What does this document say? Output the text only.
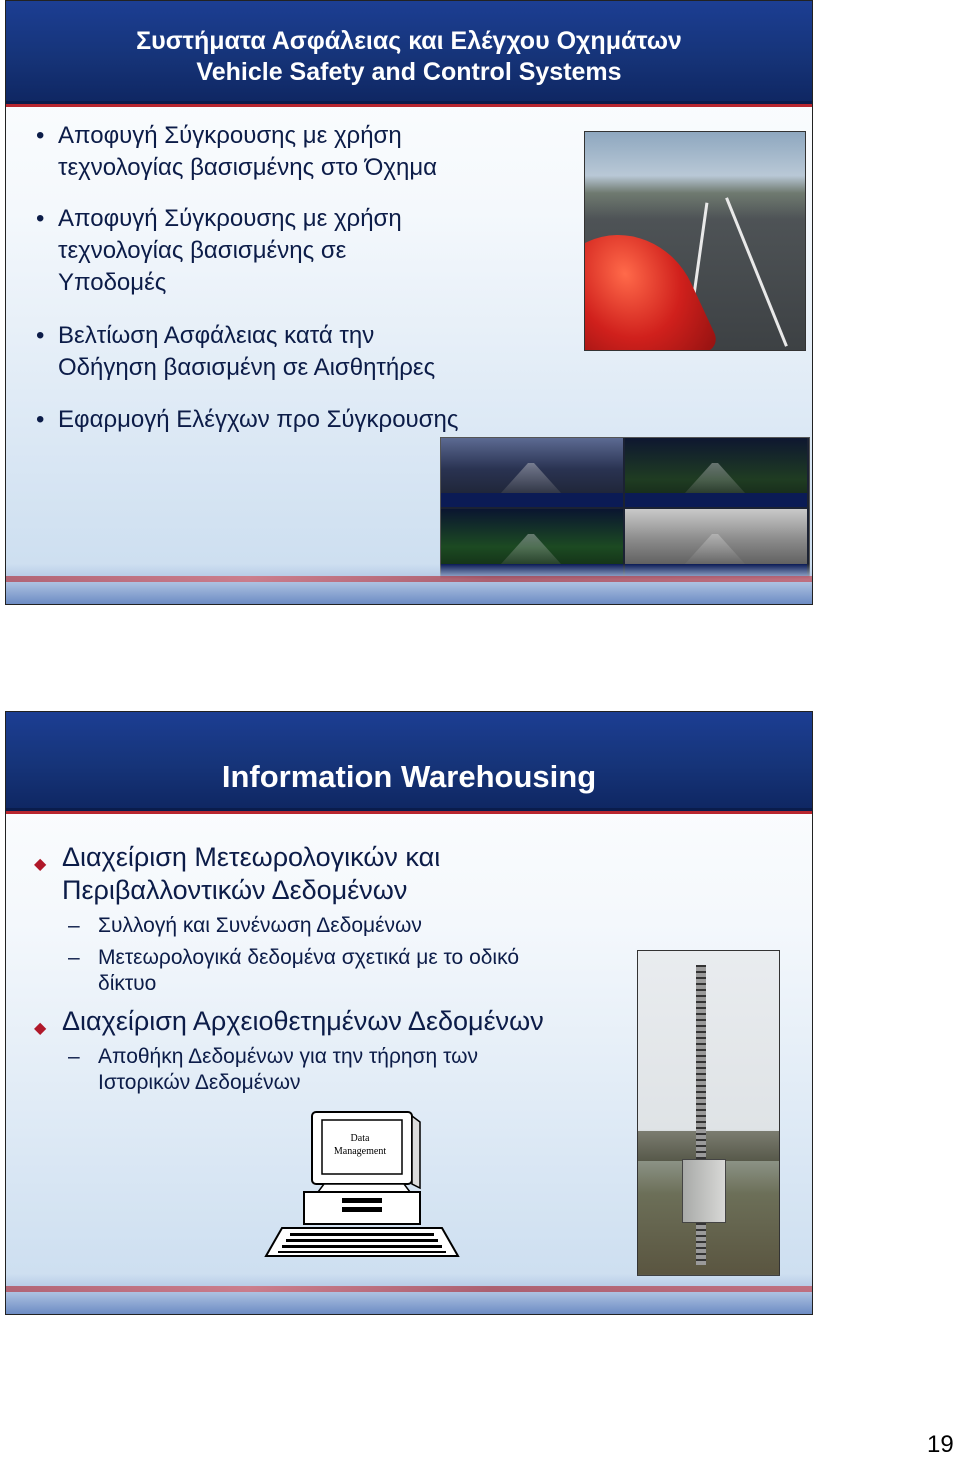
Συστήματα Ασφάλειας και Ελέγχου Οχημάτων
Vehicle Safety and Control Systems
• Αποφυγή Σύγκρουσης με χρήση
τεχνολογίας βασισμένης στο Όχημα
• Αποφυγή Σύγκρουσης με χρήση
τεχνολογίας βασισμένης σε
Υποδομές
• Βελτίωση Ασφάλειας κατά την
Οδήγηση βασισμένη σε Αισθητήρες
• Εφαρμογή Ελέγχων προ Σύγκρουσης
Information Warehousing
◆ Διαχείριση Μετεωρολογικών και
Περιβαλλοντικών Δεδομένων
– Συλλογή και Συνένωση Δεδομένων
– Μετεωρολογικά δεδομένα σχετικά με το οδικό
δίκτυο
◆ Διαχείριση Αρχειοθετημένων Δεδομένων
– Αποθήκη Δεδομένων για την τήρηση των
Ιστορικών Δεδομένων
Data
Management
19
